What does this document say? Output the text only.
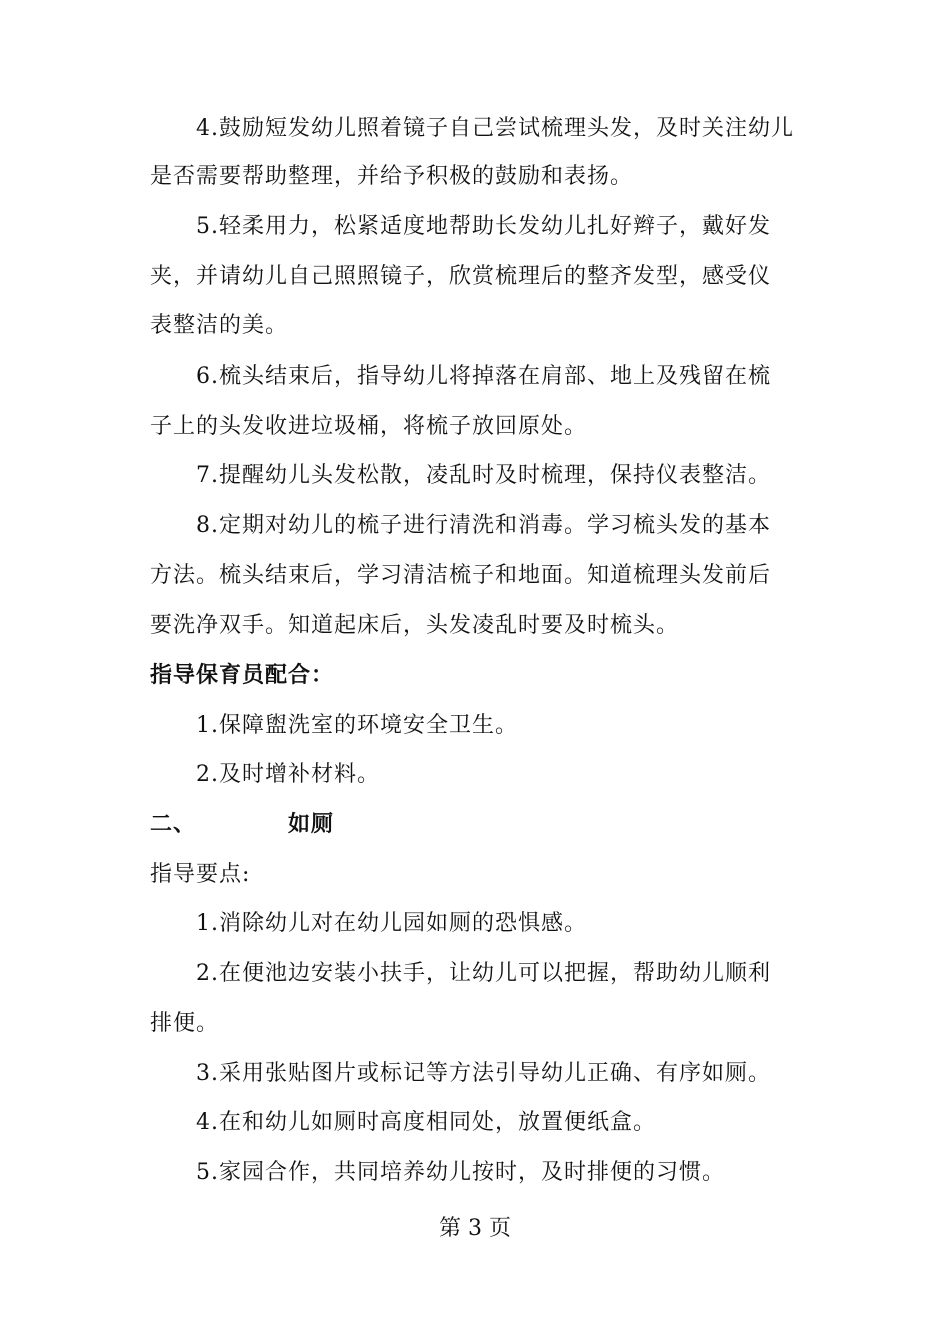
4.鼓励短发幼儿照着镜子自己尝试梳理头发，及时关注幼儿
是否需要帮助整理，并给予积极的鼓励和表扬。
5.轻柔用力，松紧适度地帮助长发幼儿扎好辫子，戴好发
夹，并请幼儿自己照照镜子，欣赏梳理后的整齐发型，感受仪
表整洁的美。
6.梳头结束后，指导幼儿将掉落在肩部、地上及残留在梳
子上的头发收进垃圾桶，将梳子放回原处。
7.提醒幼儿头发松散，凌乱时及时梳理，保持仪表整洁。
8.定期对幼儿的梳子进行清洗和消毒。学习梳头发的基本
方法。梳头结束后，学习清洁梳子和地面。知道梳理头发前后
要洗净双手。知道起床后，头发凌乱时要及时梳头。
指导保育员配合：
1.保障盥洗室的环境安全卫生。
2.及时增补材料。
二、	如厕
指导要点:
1.消除幼儿对在幼儿园如厕的恐惧感。
2.在便池边安装小扶手，让幼儿可以把握，帮助幼儿顺利
排便。
3.采用张贴图片或标记等方法引导幼儿正确、有序如厕。
4.在和幼儿如厕时高度相同处，放置便纸盒。
5.家园合作，共同培养幼儿按时，及时排便的习惯。
第 3 页
